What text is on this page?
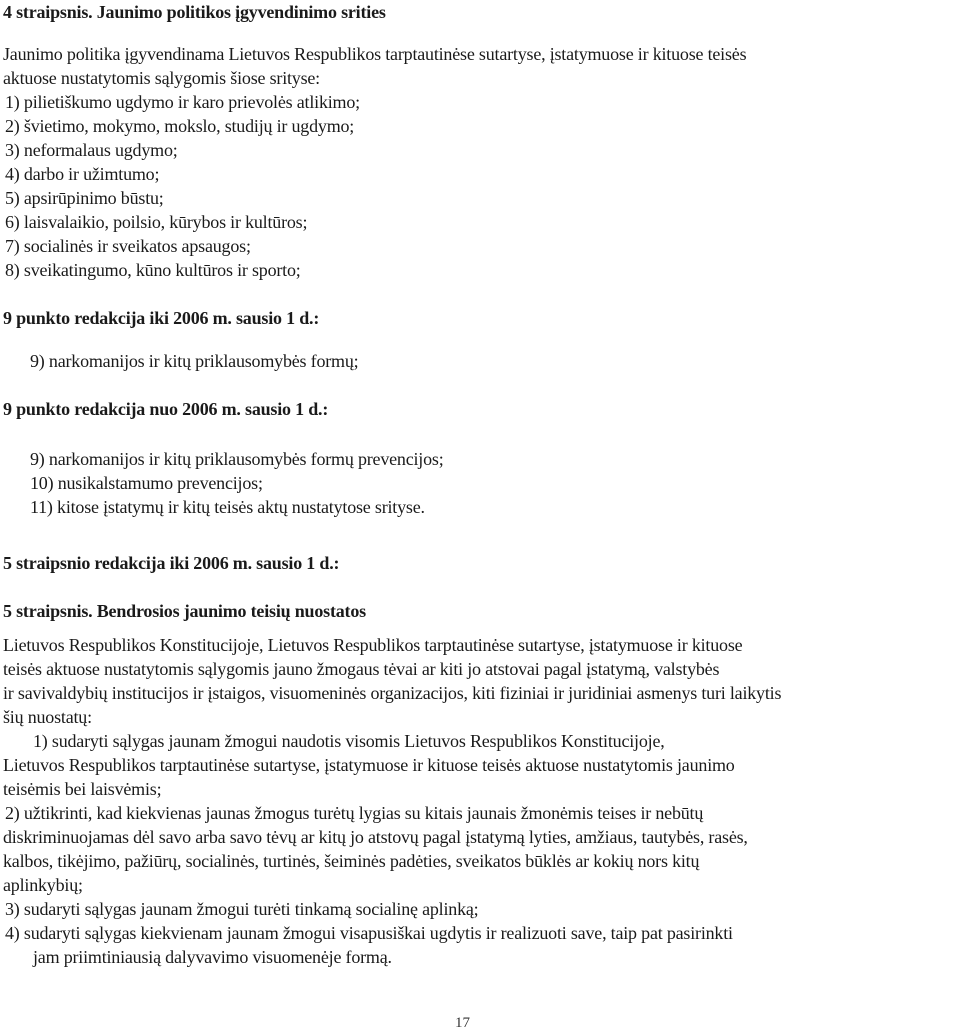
4 straipsnis. Jaunimo politikos įgyvendinimo srities
Jaunimo politika įgyvendinama Lietuvos Respublikos tarptautinėse sutartyse, įstatymuose ir kituose teisės
aktuose nustatytomis sąlygomis šiose srityse:
1) pilietiškumo ugdymo ir karo prievolės atlikimo;
2) švietimo, mokymo, mokslo, studijų ir ugdymo;
3) neformalaus ugdymo;
4) darbo ir užimtumo;
5) apsirūpinimo būstu;
6) laisvalaikio, poilsio, kūrybos ir kultūros;
7) socialinės ir sveikatos apsaugos;
8) sveikatingumo, kūno kultūros ir sporto;
9 punkto redakcija iki 2006 m. sausio 1 d.:
9) narkomanijos ir kitų priklausomybės formų;
9 punkto redakcija nuo 2006 m. sausio 1 d.:
9) narkomanijos ir kitų priklausomybės formų prevencijos;
10) nusikalstamumo prevencijos;
11) kitose įstatymų ir kitų teisės aktų nustatytose srityse.
5 straipsnio redakcija iki 2006 m. sausio 1 d.:
5 straipsnis. Bendrosios jaunimo teisių nuostatos
Lietuvos Respublikos Konstitucijoje, Lietuvos Respublikos tarptautinėse sutartyse, įstatymuose ir kituose
teisės aktuose nustatytomis sąlygomis jauno žmogaus tėvai ar kiti jo atstovai pagal įstatymą, valstybės
ir savivaldybių institucijos ir įstaigos, visuomeninės organizacijos, kiti fiziniai ir juridiniai asmenys turi laikytis
šių nuostatų:
1) sudaryti sąlygas jaunam žmogui naudotis visomis Lietuvos Respublikos Konstitucijoje,
Lietuvos Respublikos tarptautinėse sutartyse, įstatymuose ir kituose teisės aktuose nustatytomis jaunimo
teisėmis bei laisvėmis;
2) užtikrinti, kad kiekvienas jaunas žmogus turėtų lygias su kitais jaunais žmonėmis teises ir nebūtų
diskriminuojamas dėl savo arba savo tėvų ar kitų jo atstovų pagal įstatymą lyties, amžiaus, tautybės, rasės,
kalbos, tikėjimo, pažiūrų, socialinės, turtinės, šeiminės padėties, sveikatos būklės ar kokių nors kitų
aplinkybių;
3) sudaryti sąlygas jaunam žmogui turėti tinkamą socialinę aplinką;
4) sudaryti sąlygas kiekvienam jaunam žmogui visapusiškai ugdytis ir realizuoti save, taip pat pasirinkti
jam priimtiniausią dalyvavimo visuomenėje formą.
17
